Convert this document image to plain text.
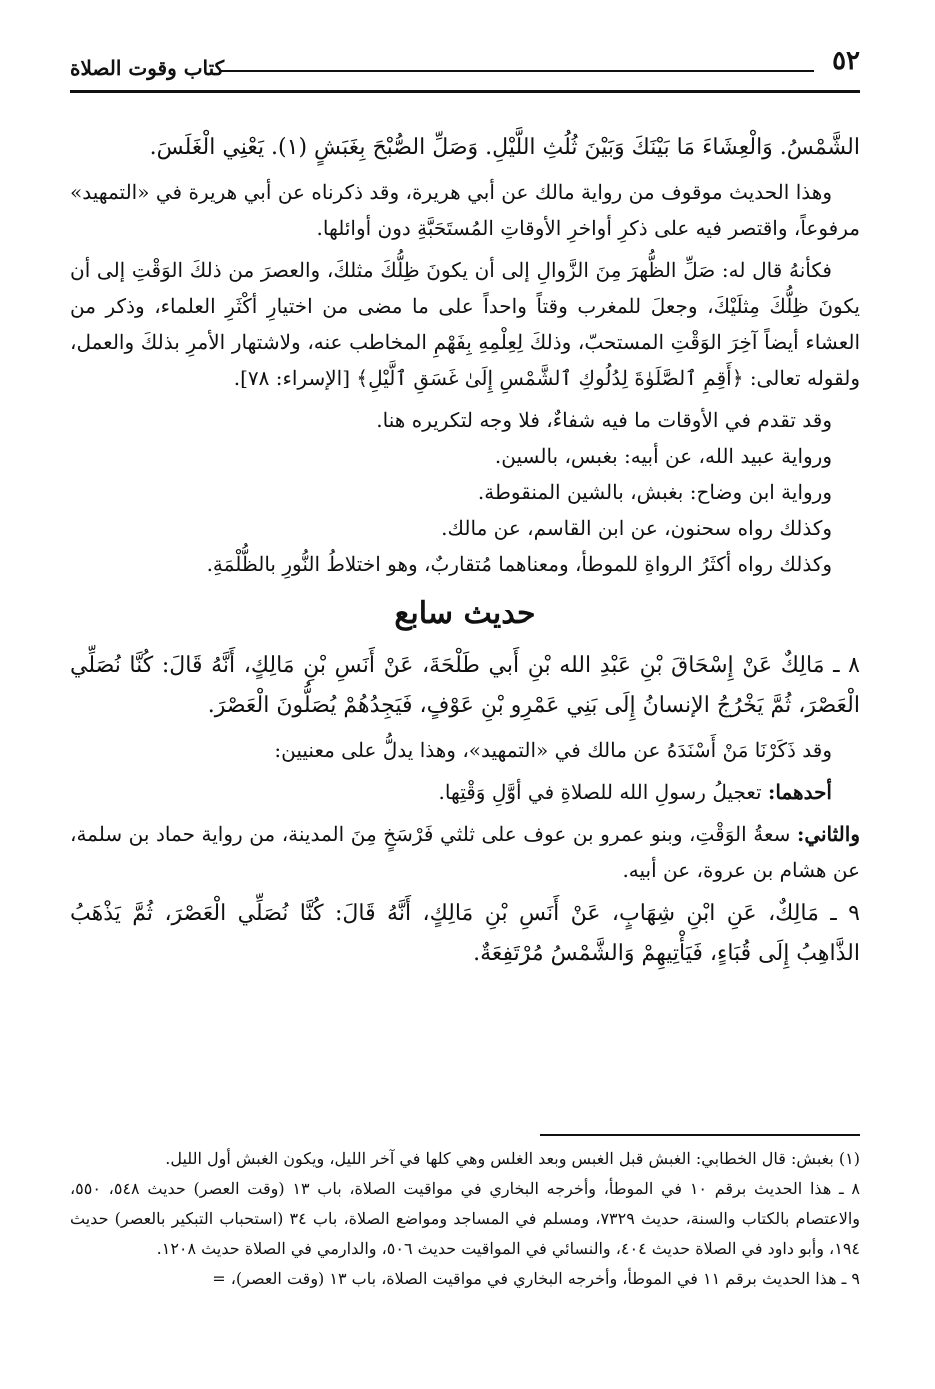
٥٢
كتاب وقوت الصلاة

الشَّمْسُ. وَالْعِشَاءَ مَا بَيْنَكَ وَبَيْنَ ثُلُثِ اللَّيْلِ. وَصَلِّ الصُّبْحَ بِغَبَشٍ (١). يَعْنِي الْغَلَسَ.

وهذا الحديث موقوف من رواية مالك عن أبي هريرة، وقد ذكرناه عن أبي هريرة في «التمهيد» مرفوعاً، واقتصر فيه على ذكرِ أواخرِ الأوقاتِ المُستَحَبَّةِ دون أوائلها.

فكأنهُ قال له: صَلِّ الظُّهرَ مِنَ الزَّوالِ إلى أن يكونَ ظِلُّكَ مثلكَ، والعصرَ من ذلكَ الوَقْتِ إلى أن يكونَ ظِلُّكَ مِثلَيْكَ، وجعلَ للمغرب وقتاً واحداً على ما مضى من اختيارِ أكْثَرِ العلماء، وذكر من العشاء أيضاً آخِرَ الوَقْتِ المستحبّ، وذلكَ لِعِلْمِهِ بِفَهْمِ المخاطب عنه، ولاشتهار الأمرِ بذلكَ والعمل، ولقوله تعالى: ﴿أَقِمِ ٱلصَّلَوٰةَ لِدُلُوكِ ٱلشَّمْسِ إِلَىٰ غَسَقِ ٱلَّيْلِ﴾ [الإسراء: ٧٨].

وقد تقدم في الأوقات ما فيه شفاءٌ، فلا وجه لتكريره هنا.

ورواية عبيد الله، عن أبيه: بغبس، بالسين.

ورواية ابن وضاح: بغبش، بالشين المنقوطة.

وكذلك رواه سحنون، عن ابن القاسم، عن مالك.

وكذلك رواه أكثَرُ الرواةِ للموطأ، ومعناهما مُتقاربٌ، وهو اختلاطُ النُّورِ بالظُّلْمَةِ.

حديث سابع

٨ ـ مَالِكٌ عَنْ إِسْحَاقَ بْنِ عَبْدِ الله بْنِ أَبي طَلْحَةَ، عَنْ أَنَسِ بْنِ مَالِكٍ، أَنَّهُ قَالَ: كُنَّا نُصَلِّي الْعَصْرَ، ثُمَّ يَخْرُجُ الإنسانُ إِلَى بَنِي عَمْرِو بْنِ عَوْفٍ، فَيَجِدُهُمْ يُصَلُّونَ الْعَصْرَ.

وقد ذَكَرْنَا مَنْ أَسْنَدَهُ عن مالك في «التمهيد»، وهذا يدلُّ على معنيين:

أحدهما: تعجيلُ رسولِ الله للصلاةِ في أوَّلِ وَقْتِها.

والثاني: سعةُ الوَقْتِ، وبنو عمرو بن عوف على ثلثي فَرْسَخٍ مِنَ المدينة، من رواية حماد بن سلمة، عن هشام بن عروة، عن أبيه.

٩ ـ مَالِكٌ، عَنِ ابْنِ شِهَابٍ، عَنْ أَنَسِ بْنِ مَالِكٍ، أَنَّهُ قَالَ: كُنَّا نُصَلِّي الْعَصْرَ، ثُمَّ يَذْهَبُ الذَّاهِبُ إِلَى قُبَاءٍ، فَيَأْتِيهِمْ وَالشَّمْسُ مُرْتَفِعَةٌ.

(١) بغبش: قال الخطابي: الغبش قبل الغبس وبعد الغلس وهي كلها في آخر الليل، ويكون الغبش أول الليل.

٨ ـ هذا الحديث برقم ١٠ في الموطأ، وأخرجه البخاري في مواقيت الصلاة، باب ١٣ (وقت العصر) حديث ٥٤٨، ٥٥٠، والاعتصام بالكتاب والسنة، حديث ٧٣٢٩، ومسلم في المساجد ومواضع الصلاة، باب ٣٤ (استحباب التبكير بالعصر) حديث ١٩٤، وأبو داود في الصلاة حديث ٤٠٤، والنسائي في المواقيت حديث ٥٠٦، والدارمي في الصلاة حديث ١٢٠٨.

٩ ـ هذا الحديث برقم ١١ في الموطأ، وأخرجه البخاري في مواقيت الصلاة، باب ١٣ (وقت العصر)، =
